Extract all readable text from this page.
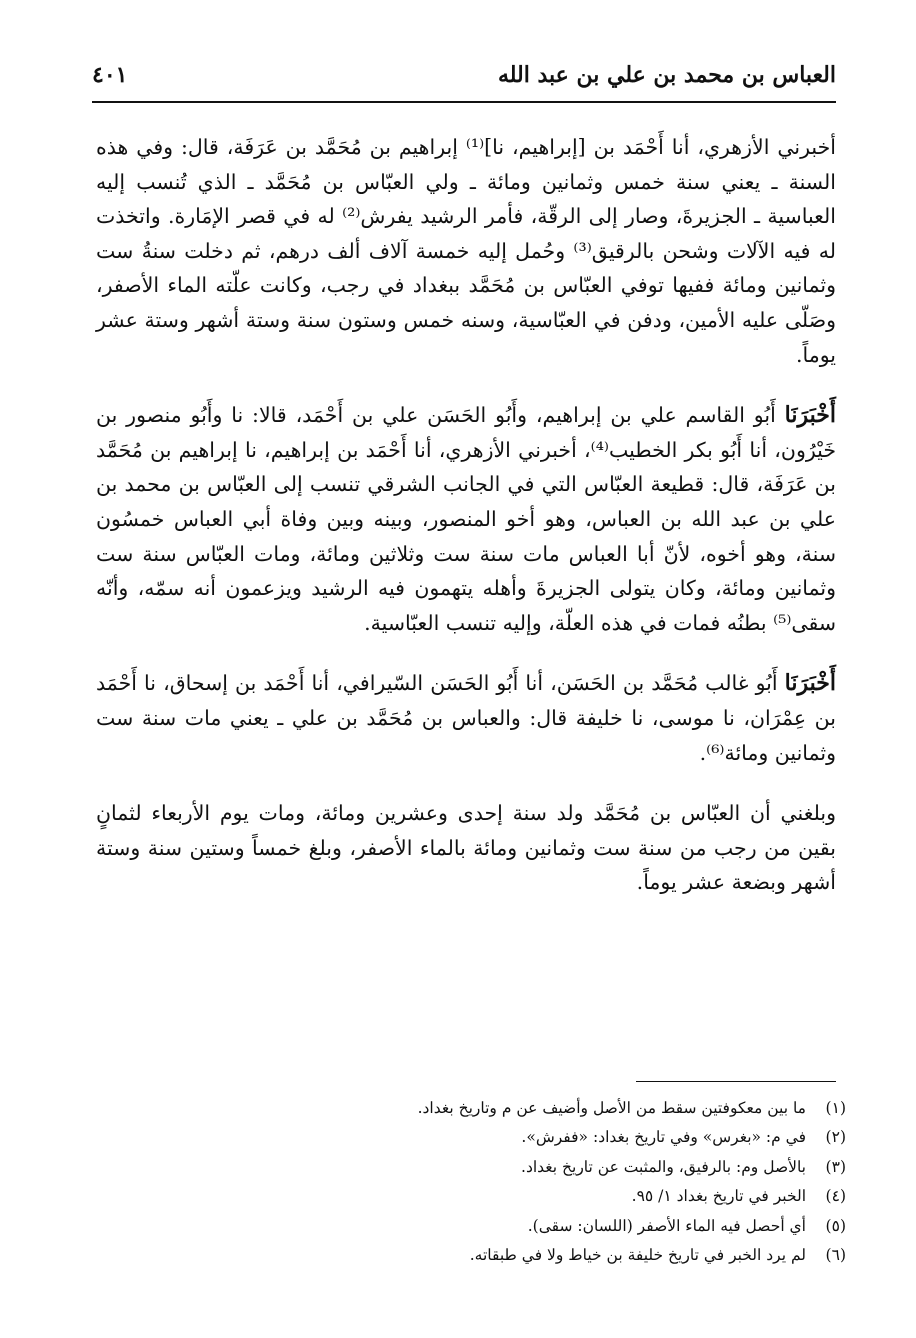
العباس بن محمد بن علي بن عبد الله
٤٠١

أخبرني الأزهري، أنا أَحْمَد بن [إبراهيم، نا]⁽¹⁾ إبراهيم بن مُحَمَّد بن عَرَفَة، قال: وفي هذه السنة ـ يعني سنة خمس وثمانين ومائة ـ ولي العبّاس بن مُحَمَّد ـ الذي تُنسب إليه العباسية ـ الجزيرةَ، وصار إلى الرقّة، فأمر الرشيد يفرش⁽²⁾ له في قصر الإمَارة. واتخذت له فيه الآلات وشحن بالرقيق⁽³⁾ وحُمل إليه خمسة آلاف ألف درهم، ثم دخلت سنةُ ست وثمانين ومائة ففيها توفي العبّاس بن مُحَمَّد ببغداد في رجب، وكانت علّته الماء الأصفر، وصَلّى عليه الأمين، ودفن في العبّاسية، وسنه خمس وستون سنة وستة أشهر وستة عشر يوماً.

أَخْبَرَنَا أَبُو القاسم علي بن إبراهيم، وأَبُو الحَسَن علي بن أَحْمَد، قالا: نا وأَبُو منصور بن خَيْرُون، أنا أَبُو بكر الخطيب⁽⁴⁾، أخبرني الأزهري، أنا أَحْمَد بن إبراهيم، نا إبراهيم بن مُحَمَّد بن عَرَفَة، قال: قطيعة العبّاس التي في الجانب الشرقي تنسب إلى العبّاس بن محمد بن علي بن عبد الله بن العباس، وهو أخو المنصور، وبينه وبين وفاة أبي العباس خمسُون سنة، وهو أخوه، لأنّ أبا العباس مات سنة ست وثلاثين ومائة، ومات العبّاس سنة ست وثمانين ومائة، وكان يتولى الجزيرةَ وأهله يتهمون فيه الرشيد ويزعمون أنه سمّه، وأنّه سقى⁽⁵⁾ بطنُه فمات في هذه العلّة، وإليه تنسب العبّاسية.

أَخْبَرَنَا أَبُو غالب مُحَمَّد بن الحَسَن، أنا أَبُو الحَسَن السّيرافي، أنا أَحْمَد بن إسحاق، نا أَحْمَد بن عِمْرَان، نا موسى، نا خليفة قال: والعباس بن مُحَمَّد بن علي ـ يعني مات سنة ست وثمانين ومائة⁽⁶⁾.

وبلغني أن العبّاس بن مُحَمَّد ولد سنة إحدى وعشرين ومائة، ومات يوم الأربعاء لثمانٍ بقين من رجب من سنة ست وثمانين ومائة بالماء الأصفر، وبلغ خمساً وستين سنة وستة أشهر وبضعة عشر يوماً.

(١)
ما بين معكوفتين سقط من الأصل وأضيف عن م وتاريخ بغداد.
(٢)
في م: «بغرس» وفي تاريخ بغداد: «ففرش».
(٣)
بالأصل وم: بالرفيق، والمثبت عن تاريخ بغداد.
(٤)
الخبر في تاريخ بغداد ١/ ٩٥.
(٥)
أي أحصل فيه الماء الأصفر (اللسان: سقى).
(٦)
لم يرد الخبر في تاريخ خليفة بن خياط ولا في طبقاته.
